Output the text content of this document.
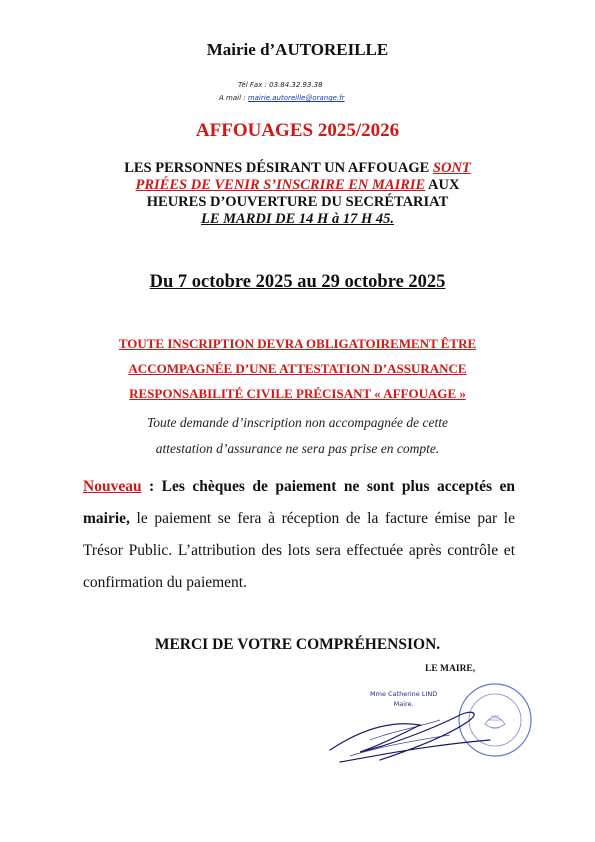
Mairie d’AUTOREILLE
Tél Fax : 03.84.32.93.38
A mail : mairie.autoreille@orange.fr
AFFOUAGES 2025/2026
LES PERSONNES DÉSIRANT UN AFFOUAGE SONT
PRIÉES DE VENIR S’INSCRIRE EN MAIRIE AUX
HEURES D’OUVERTURE DU SECRÉTARIAT
LE MARDI DE 14 H à 17 H 45.
Du 7 octobre 2025 au 29 octobre 2025
TOUTE INSCRIPTION DEVRA OBLIGATOIREMENT ÊTRE
ACCOMPAGNÉE D’UNE ATTESTATION D’ASSURANCE
RESPONSABILITÉ CIVILE PRÉCISANT « AFFOUAGE »
Toute demande d’inscription non accompagnée de cette
attestation d’assurance ne sera pas prise en compte.
Nouveau : Les chèques de paiement ne sont plus acceptés en mairie, le paiement se fera à réception de la facture émise par le Trésor Public. L’attribution des lots sera effectuée après contrôle et confirmation du paiement.
MERCI DE VOTRE COMPRÉHENSION.
LE MAIRE,
Mme Catherine LIND
Maire.
